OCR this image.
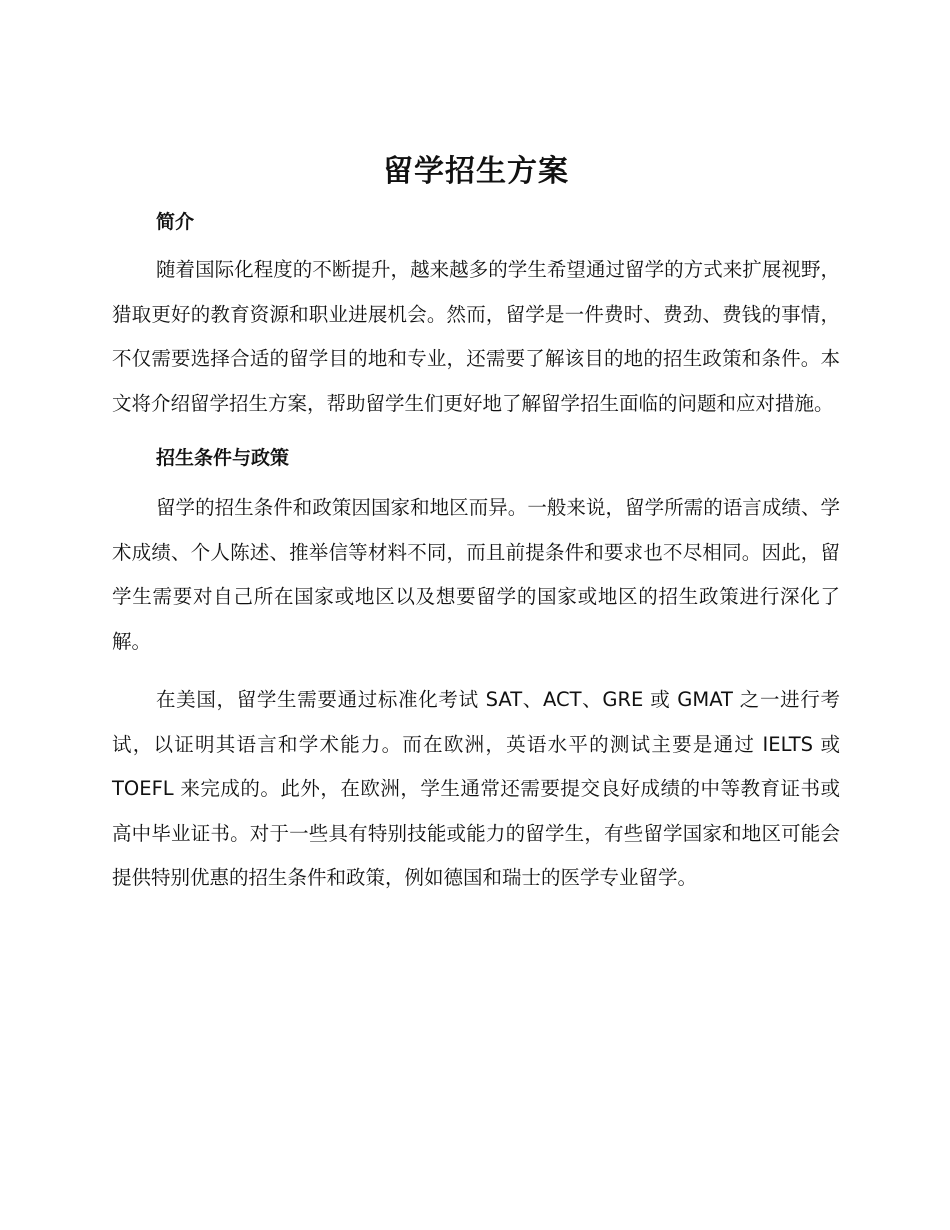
留学招生方案
简介

随着国际化程度的不断提升，越来越多的学生希望通过留学的方式来扩展视野，猎取更好的教育资源和职业进展机会。然而，留学是一件费时、费劲、费钱的事情，不仅需要选择合适的留学目的地和专业，还需要了解该目的地的招生政策和条件。本文将介绍留学招生方案，帮助留学生们更好地了解留学招生面临的问题和应对措施。

招生条件与政策

留学的招生条件和政策因国家和地区而异。一般来说，留学所需的语言成绩、学术成绩、个人陈述、推举信等材料不同，而且前提条件和要求也不尽相同。因此，留学生需要对自己所在国家或地区以及想要留学的国家或地区的招生政策进行深化了解。

在美国，留学生需要通过标准化考试 SAT、ACT、GRE 或 GMAT 之一进行考试，以证明其语言和学术能力。而在欧洲，英语水平的测试主要是通过 IELTS 或 TOEFL 来完成的。此外，在欧洲，学生通常还需要提交良好成绩的中等教育证书或高中毕业证书。对于一些具有特别技能或能力的留学生，有些留学国家和地区可能会提供特别优惠的招生条件和政策，例如德国和瑞士的医学专业留学。
